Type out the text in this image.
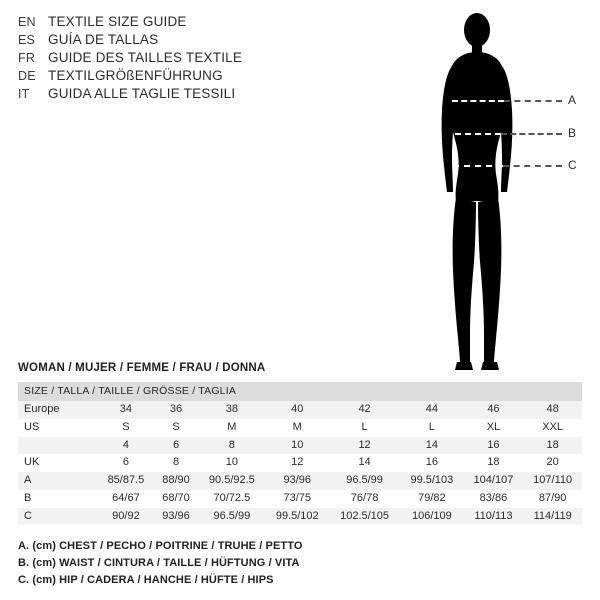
EN TEXTILE SIZE GUIDE
ES GUÍA DE TALLAS
FR GUIDE DES TAILLES TEXTILE
DE TEXTILGRÖßENFÜHRUNG
IT	GUIDA ALLE TAGLIE TESSILI	A
B
C
WOMAN / MUJER / FEMME / FRAU / DONNA
SIZE / TALLA / TAILLE / GRÖSSE / TAGLIA								
Europe	34	36	38	40	42	44	46	48
US	S	S	M	M	L	L	XL	XXL
	4	6	8	10	12	14	16	18
UK	6	8	10	12	14	16	18	20
A	85/87.5	88/90	90.5/92.5	93/96	96.5/99	99.5/103	104/107	107/110
B	64/67	68/70	70/72.5	73/75	76/78	79/82	83/86	87/90
C	90/92	93/96	96.5/99	99.5/102	102.5/105	106/109	110/113	114/119
A. (cm) CHEST / PECHO / POITRINE / TRUHE / PETTO
B. (cm) WAIST / CINTURA / TAILLE / HÜFTUNG / VITA
C. (cm) HIP / CADERA / HANCHE / HÜFTE / HIPS
